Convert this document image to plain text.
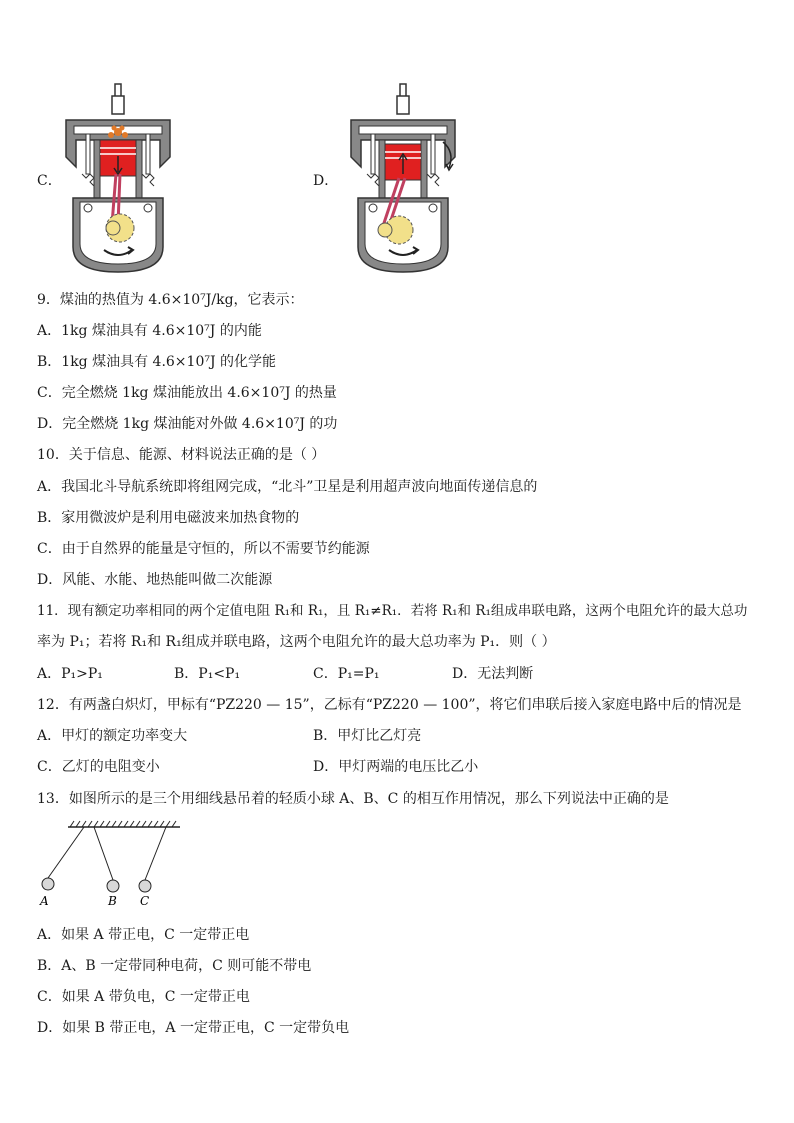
C．	D．
9．煤油的热值为 4.6×10⁷J/kg，它表示：
A．1kg 煤油具有 4.6×10⁷J 的内能
B．1kg 煤油具有 4.6×10⁷J 的化学能
C．完全燃烧 1kg 煤油能放出 4.6×10⁷J 的热量
D．完全燃烧 1kg 煤油能对外做 4.6×10⁷J 的功
10．关于信息、能源、材料说法正确的是（ ）
A．我国北斗导航系统即将组网完成，“北斗”卫星是利用超声波向地面传递信息的
B．家用微波炉是利用电磁波来加热食物的
C．由于自然界的能量是守恒的，所以不需要节约能源
D．风能、水能、地热能叫做二次能源
11．现有额定功率相同的两个定值电阻 R₁和 R₁，且 R₁≠R₁．若将 R₁和 R₁组成串联电路，这两个电阻允许的最大总功
率为 P₁；若将 R₁和 R₁组成并联电路，这两个电阻允许的最大总功率为 P₁．则（ ）
A．P₁>P₁	B．P₁<P₁	C．P₁=P₁	D．无法判断
12．有两盏白炽灯，甲标有“PZ220 — 15”，乙标有“PZ220 — 100”，将它们串联后接入家庭电路中后的情况是
A．甲灯的额定功率变大	B．甲灯比乙灯亮
C．乙灯的电阻变小	D．甲灯两端的电压比乙小
13．如图所示的是三个用细线悬吊着的轻质小球 A、B、C 的相互作用情况，那么下列说法中正确的是
A	B C
A．如果 A 带正电，C 一定带正电
B．A、B 一定带同种电荷，C 则可能不带电
C．如果 A 带负电，C 一定带正电
D．如果 B 带正电，A 一定带正电，C 一定带负电
